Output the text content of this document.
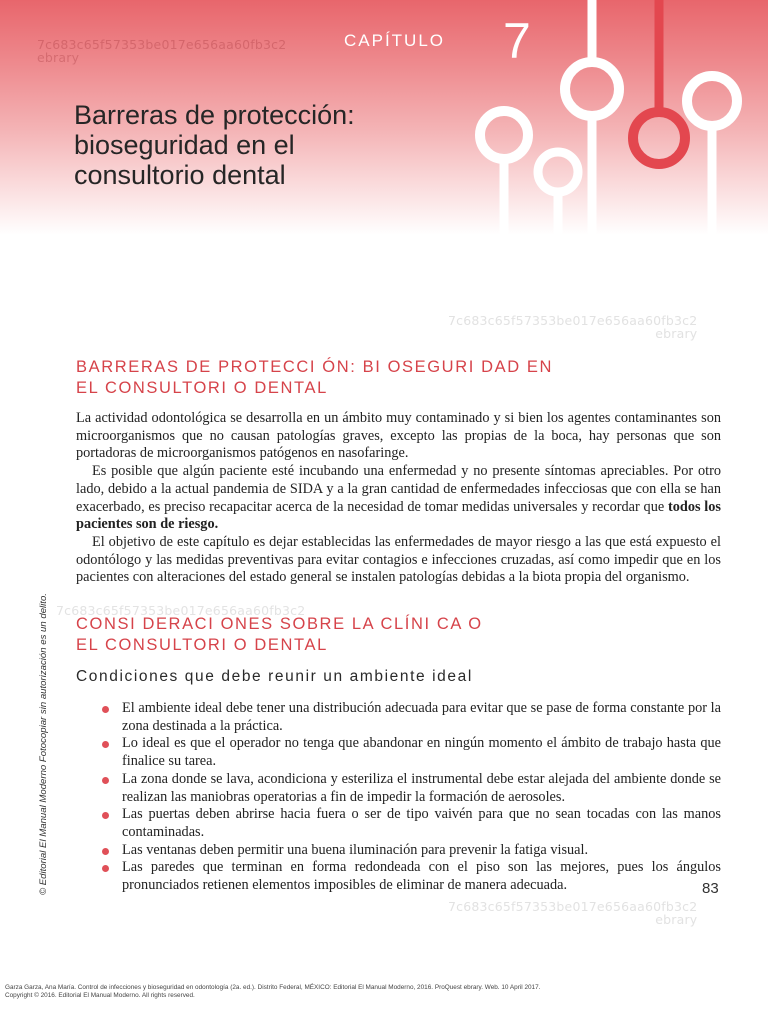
7c683c65f57353be017e656aa60fb3c2
ebrary
CAPÍTULO 7
Barreras de protección:
bioseguridad en el
consultorio dental
7c683c65f57353be017e656aa60fb3c2
ebrary
BARRERAS DE PROTECCI ÓN: BI OSEGURI DAD EN
EL CONSULTORI O DENTAL

La actividad odontológica se desarrolla en un ámbito muy contaminado y si bien los agentes contaminantes son microorganismos que no causan patologías graves, excepto las propias de la boca, hay personas que son portadoras de microorganismos patógenos en nasofaringe.

Es posible que algún paciente esté incubando una enfermedad y no presente síntomas apreciables. Por otro lado, debido a la actual pandemia de SIDA y a la gran cantidad de enfermedades infecciosas que con ella se han exacerbado, es preciso recapacitar acerca de la necesidad de tomar medidas universales y recordar que todos los pacientes son de riesgo.

El objetivo de este capítulo es dejar establecidas las enfermedades de mayor riesgo a las que está expuesto el odontólogo y las medidas preventivas para evitar contagios e infecciones cruzadas, así como impedir que en los pacientes con alteraciones del estado general se instalen patologías debidas a la biota propia del organismo.

7c683c65f57353be017e656aa60fb3c2
CONSI DERACI ONES SOBRE LA CLÍNI CA O
EL CONSULTORI O DENTAL
Condiciones que debe reunir un ambiente ideal
El ambiente ideal debe tener una distribución adecuada para evitar que se pase de forma constante por la zona destinada a la práctica.
Lo ideal es que el operador no tenga que abandonar en ningún momento el ámbito de trabajo hasta que finalice su tarea.
La zona donde se lava, acondiciona y esteriliza el instrumental debe estar alejada del ambiente donde se realizan las maniobras operatorias a fin de impedir la formación de aerosoles.
Las puertas deben abrirse hacia fuera o ser de tipo vaivén para que no sean tocadas con las manos contaminadas.
Las ventanas deben permitir una buena iluminación para prevenir la fatiga visual.
Las paredes que terminan en forma redondeada con el piso son las mejores, pues los ángulos pronunciados retienen elementos imposibles de eliminar de manera adecuada.
7c683c65f57353be017e656aa60fb3c2
ebrary
83
© Editorial El Manual Moderno Fotocopiar sin autorización es un delito.
Garza Garza, Ana María. Control de infecciones y bioseguridad en odontología (2a. ed.). Distrito Federal, MÉXICO: Editorial El Manual Moderno, 2016. ProQuest ebrary. Web. 10 April 2017.
Copyright © 2016. Editorial El Manual Moderno. All rights reserved.
